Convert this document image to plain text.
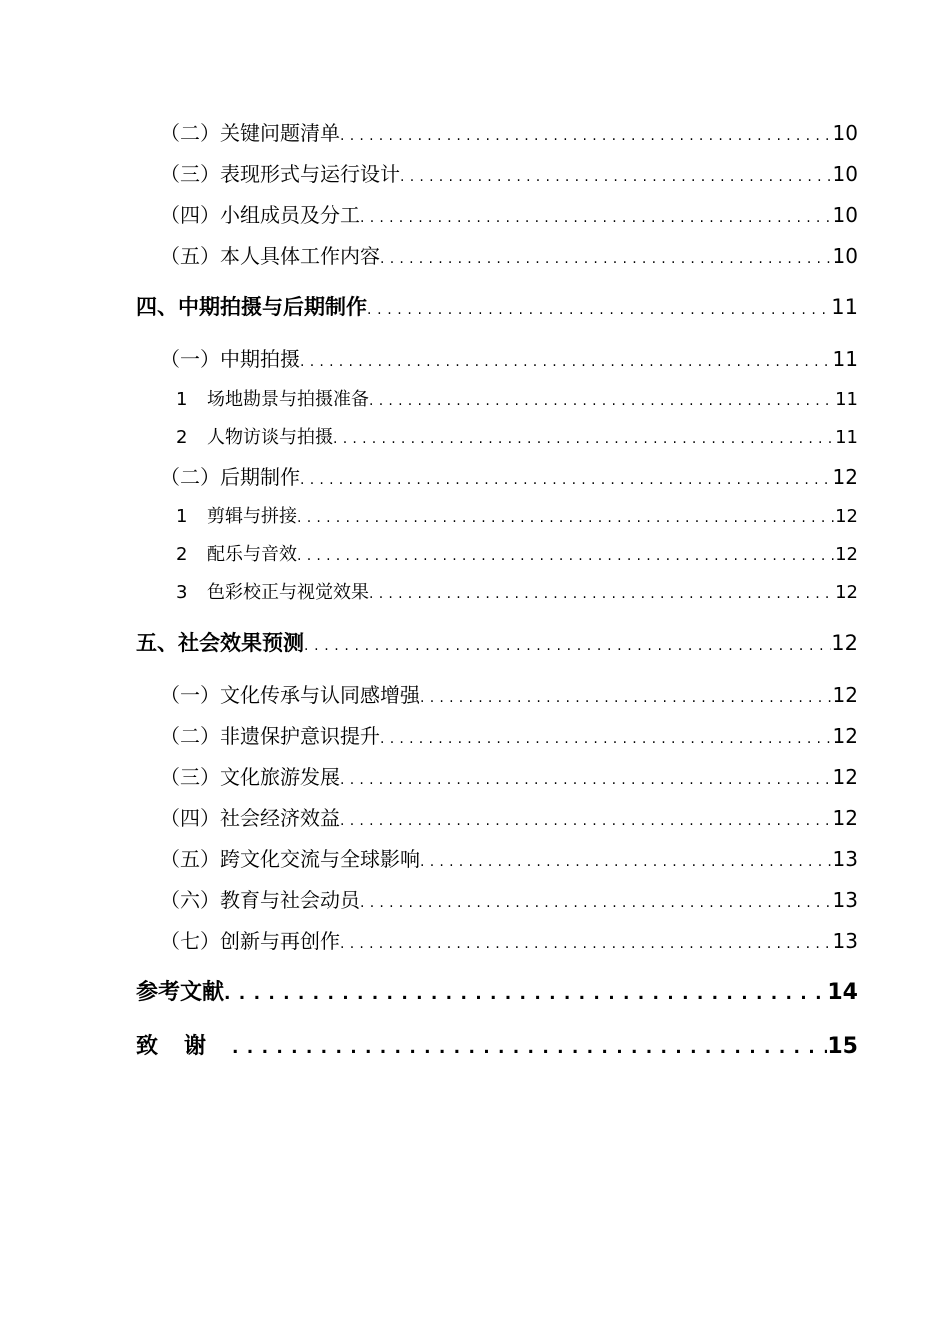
（二）关键问题清单 . . .	10
（三）表现形式与运行设计 . . .	10
（四）小组成员及分工 . . .	10
（五）本人具体工作内容 . . .	10
四、中期拍摄与后期制作 . . .	11
（一）中期拍摄 . . .	11
1 场地勘景与拍摄准备 . . .	11
2 人物访谈与拍摄 . . .	11
（二）后期制作 . . .	12
1 剪辑与拼接 . . .	12
2 配乐与音效 . . .	12
3 色彩校正与视觉效果 . . .	12
五、社会效果预测 . . .	12
（一）文化传承与认同感增强 . . .	12
（二）非遗保护意识提升 . . .	12
（三）文化旅游发展 . . .	12
（四）社会经济效益 . . .	12
（五）跨文化交流与全球影响 . . .	13
（六）教育与社会动员 . . .	13
（七）创新与再创作 . . .	13
参考文献 . . .	14
致谢 . . .	15
